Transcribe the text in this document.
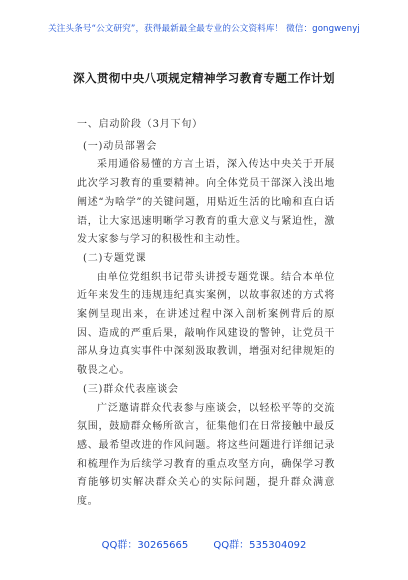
关注头条号“公文研究”，获得最新最全最专业的公文资料库！ 微信：gongwenyj
深入贯彻中央八项规定精神学习教育专题工作计划

一、启动阶段（3月下旬）

(一)动员部署会

采用通俗易懂的方言土语，深入传达中央关于开展此次学习教育的重要精神。向全体党员干部深入浅出地阐述“为啥学”的关键问题，用贴近生活的比喻和直白话语，让大家迅速明晰学习教育的重大意义与紧迫性，激发大家参与学习的积极性和主动性。

(二)专题党课

由单位党组织书记带头讲授专题党课。结合本单位近年来发生的违规违纪真实案例，以故事叙述的方式将案例呈现出来，在讲述过程中深入剖析案例背后的原因、造成的严重后果，敲响作风建设的警钟，让党员干部从身边真实事件中深刻汲取教训，增强对纪律规矩的敬畏之心。

(三)群众代表座谈会

广泛邀请群众代表参与座谈会，以轻松平等的交流氛围，鼓励群众畅所欲言，征集他们在日常接触中最反感、最希望改进的作风问题。将这些问题进行详细记录和梳理作为后续学习教育的重点攻坚方向，确保学习教育能够切实解决群众关心的实际问题，提升群众满意度。

QQ群：30265665	QQ群：535304092
